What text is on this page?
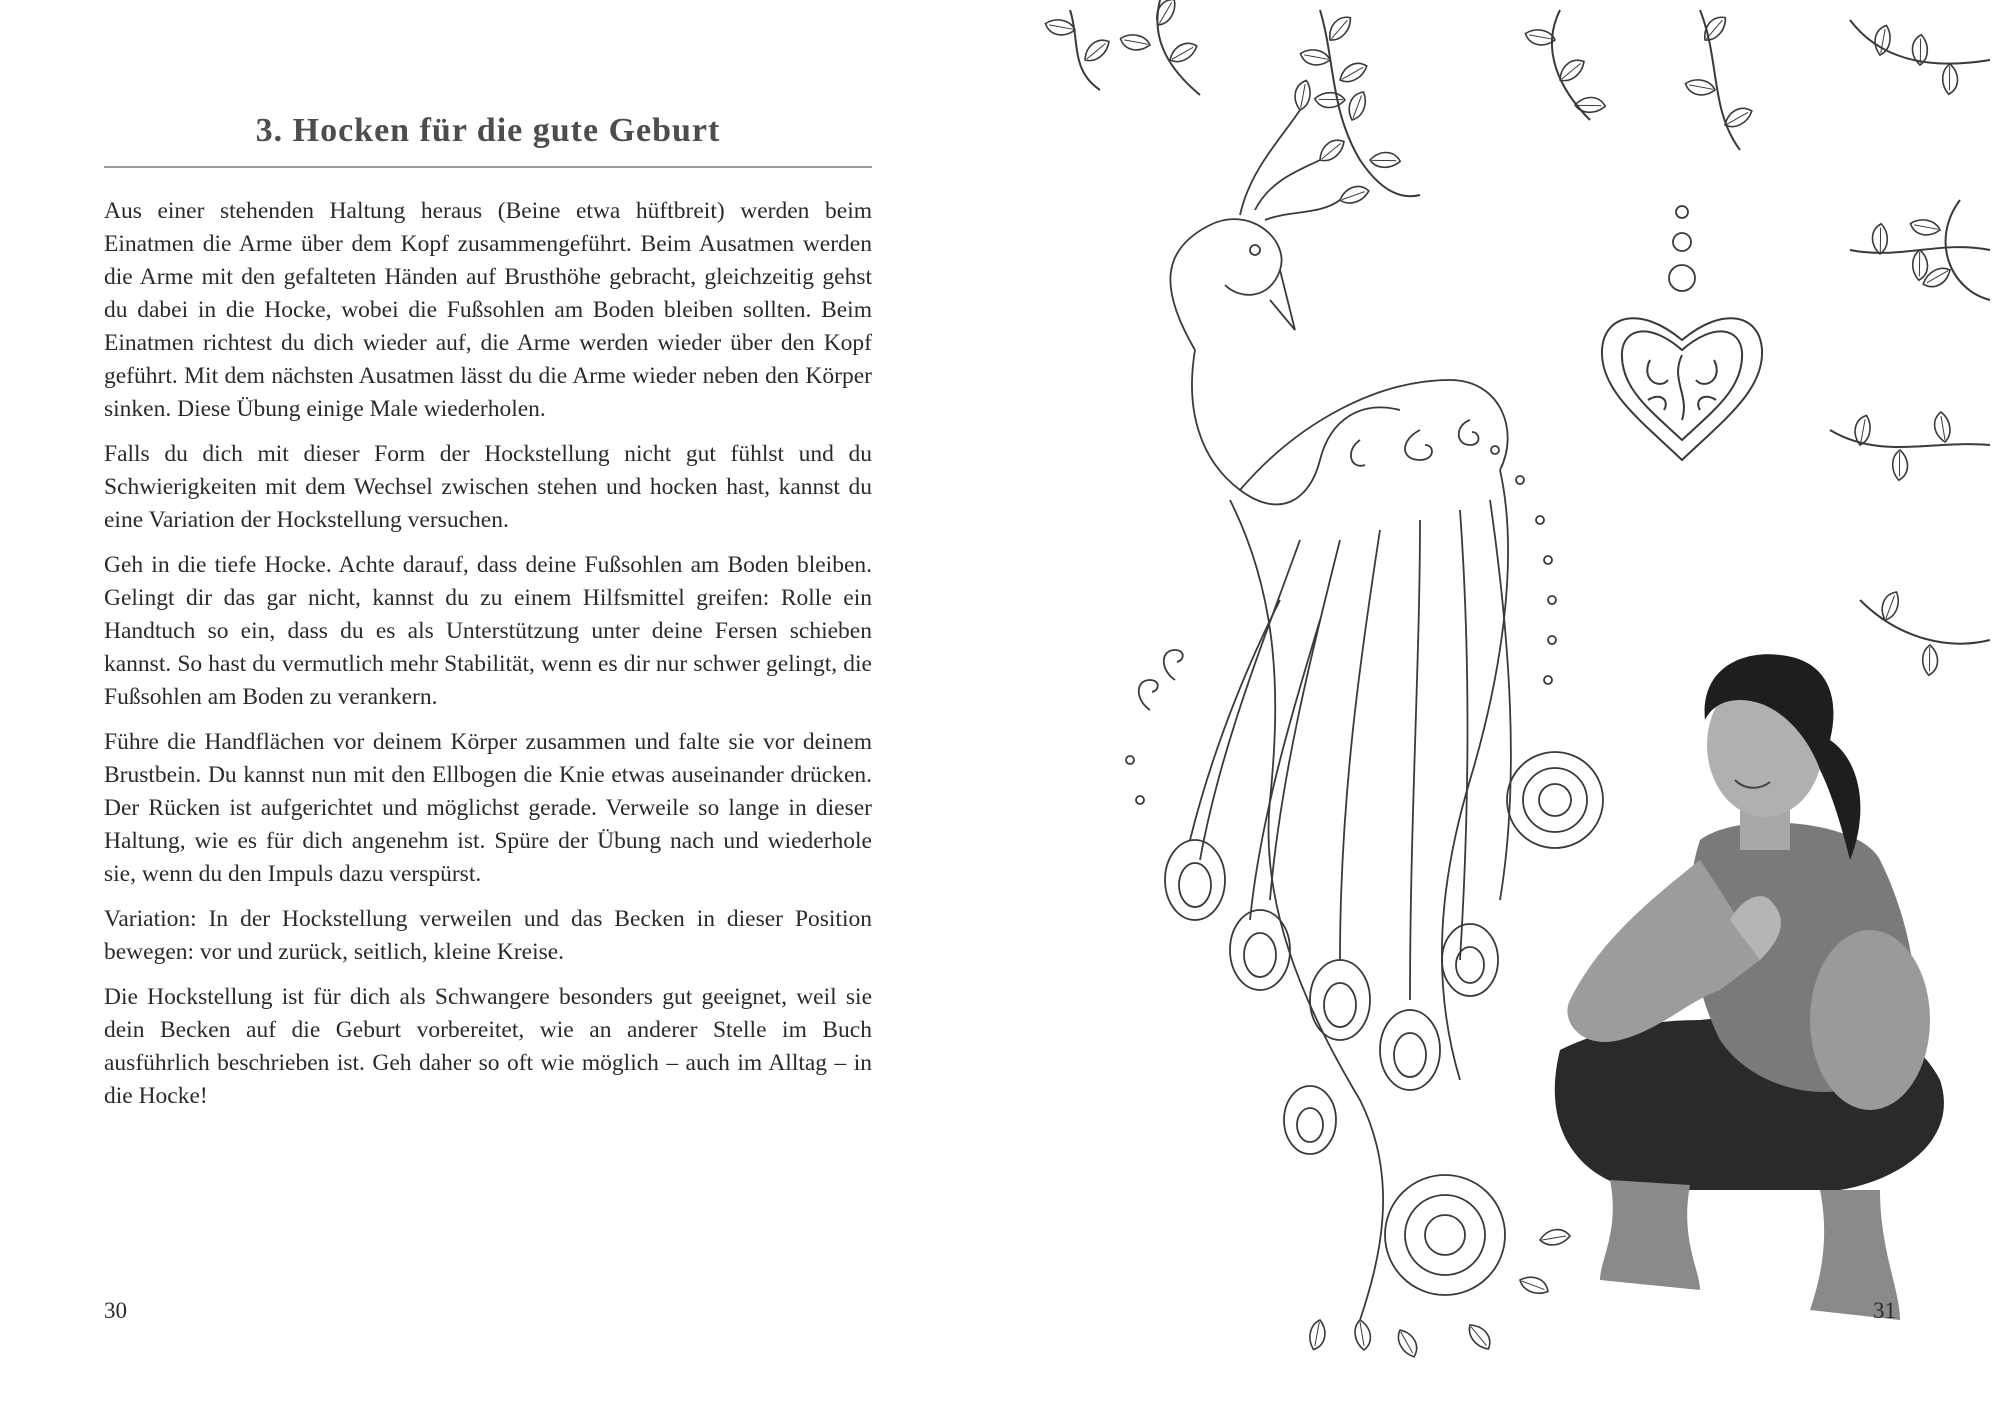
3. Hocken für die gute Geburt

Aus einer stehenden Haltung heraus (Beine etwa hüftbreit) werden beim Einatmen die Arme über dem Kopf zusammengeführt. Beim Ausatmen werden die Arme mit den gefalteten Händen auf Brusthöhe gebracht, gleichzeitig gehst du dabei in die Hocke, wobei die Fußsohlen am Boden bleiben sollten. Beim Einatmen richtest du dich wieder auf, die Arme werden wieder über den Kopf geführt. Mit dem nächsten Ausatmen lässt du die Arme wieder neben den Körper sinken. Diese Übung einige Male wiederholen.

Falls du dich mit dieser Form der Hockstellung nicht gut fühlst und du Schwierigkeiten mit dem Wechsel zwischen stehen und hocken hast, kannst du eine Variation der Hockstellung versuchen.

Geh in die tiefe Hocke. Achte darauf, dass deine Fußsohlen am Boden bleiben. Gelingt dir das gar nicht, kannst du zu einem Hilfsmittel greifen: Rolle ein Handtuch so ein, dass du es als Unterstützung unter deine Fersen schieben kannst. So hast du vermutlich mehr Stabilität, wenn es dir nur schwer gelingt, die Fußsohlen am Boden zu verankern.

Führe die Handflächen vor deinem Körper zusammen und falte sie vor deinem Brustbein. Du kannst nun mit den Ellbogen die Knie etwas auseinander drücken. Der Rücken ist aufgerichtet und möglichst gerade. Verweile so lange in dieser Haltung, wie es für dich angenehm ist. Spüre der Übung nach und wiederhole sie, wenn du den Impuls dazu verspürst.

Variation: In der Hockstellung verweilen und das Becken in dieser Position bewegen: vor und zurück, seitlich, kleine Kreise.

Die Hockstellung ist für dich als Schwangere besonders gut geeignet, weil sie dein Becken auf die Geburt vorbereitet, wie an anderer Stelle im Buch ausführlich beschrieben ist. Geh daher so oft wie möglich – auch im Alltag – in die Hocke!

30	31
